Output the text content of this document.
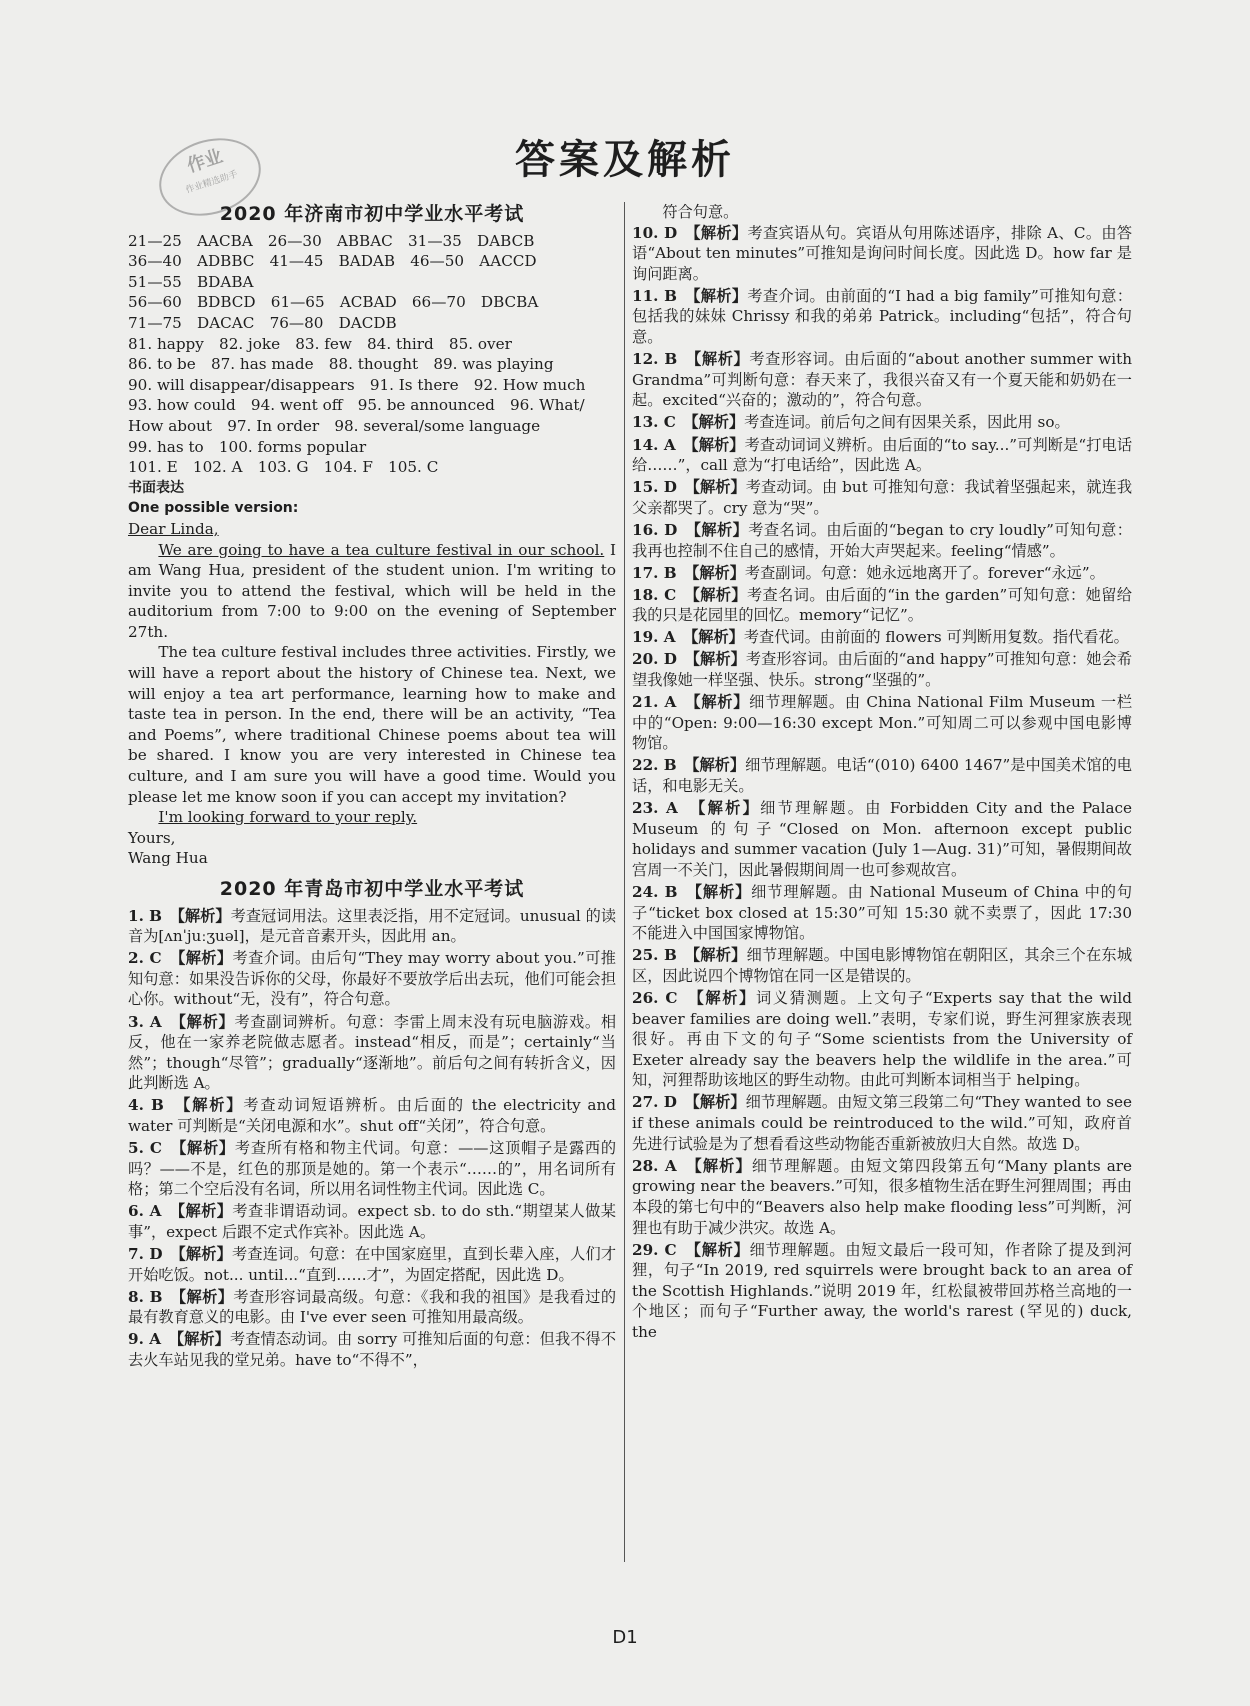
作业
作业精选助手	答案及解析
2020 年济南市初中学业水平考试

21—25　AACBA　26—30　ABBAC　31—35　DABCB

36—40　ADBBC　41—45　BADAB　46—50　AACCD

51—55　BDABA

56—60　BDBCD　61—65　ACBAD　66—70　DBCBA

71—75　DACAC　76—80　DACDB

81. happy　82. joke　83. few　84. third　85. over

86. to be　87. has made　88. thought　89. was playing

90. will disappear/disappears　91. Is there　92. How much

93. how could　94. went off　95. be announced　96. What/

How about　97. In order　98. several/some language

99. has to　100. forms popular

101. E　102. A　103. G　104. F　105. C

书面表达

One possible version:

Dear Linda,

We are going to have a tea culture festival in our school. I am Wang Hua, president of the student union. I'm writing to invite you to attend the festival, which will be held in the auditorium from 7:00 to 9:00 on the evening of September 27th.

The tea culture festival includes three activities. Firstly, we will have a report about the history of Chinese tea. Next, we will enjoy a tea art performance, learning how to make and taste tea in person. In the end, there will be an activity, “Tea and Poems”, where traditional Chinese poems about tea will be shared. I know you are very interested in Chinese tea culture, and I am sure you will have a good time. Would you please let me know soon if you can accept my invitation?

I'm looking forward to your reply.

Yours,

Wang Hua

2020 年青岛市初中学业水平考试

1. B　 【解析】考查冠词用法。这里表泛指，用不定冠词。unusual 的读音为[ʌnˈjuːʒuəl]，是元音音素开头，因此用 an。

2. C　 【解析】考查介词。由后句“They may worry about you.”可推知句意：如果没告诉你的父母，你最好不要放学后出去玩，他们可能会担心你。without“无，没有”，符合句意。

3. A　 【解析】考查副词辨析。句意：李雷上周末没有玩电脑游戏。相反，他在一家养老院做志愿者。instead“相反，而是”；certainly“当然”；though“尽管”；gradually“逐渐地”。前后句之间有转折含义，因此判断选 A。

4. B　 【解析】考查动词短语辨析。由后面的 the electricity and water 可判断是“关闭电源和水”。shut off“关闭”，符合句意。

5. C　 【解析】考查所有格和物主代词。句意：——这顶帽子是露西的吗？——不是，红色的那顶是她的。第一个表示“……的”，用名词所有格；第二个空后没有名词，所以用名词性物主代词。因此选 C。

6. A　 【解析】考查非谓语动词。expect sb. to do sth.“期望某人做某事”，expect 后跟不定式作宾补。因此选 A。

7. D　 【解析】考查连词。句意：在中国家庭里，直到长辈入座，人们才开始吃饭。not... until...“直到……才”，为固定搭配，因此选 D。

8. B　 【解析】考查形容词最高级。句意：《我和我的祖国》是我看过的最有教育意义的电影。由 I've ever seen 可推知用最高级。

9. A　 【解析】考查情态动词。由 sorry 可推知后面的句意：但我不得不去火车站见我的堂兄弟。have to“不得不”，

符合句意。

10. D　 【解析】考查宾语从句。宾语从句用陈述语序，排除 A、C。由答语“About ten minutes”可推知是询问时间长度。因此选 D。how far 是询问距离。

11. B　 【解析】考查介词。由前面的“I had a big family”可推知句意：包括我的妹妹 Chrissy 和我的弟弟 Patrick。including“包括”，符合句意。

12. B　 【解析】考查形容词。由后面的“about another summer with Grandma”可判断句意：春天来了，我很兴奋又有一个夏天能和奶奶在一起。excited“兴奋的；激动的”，符合句意。

13. C　 【解析】考查连词。前后句之间有因果关系，因此用 so。

14. A　 【解析】考查动词词义辨析。由后面的“to say...”可判断是“打电话给……”，call 意为“打电话给”，因此选 A。

15. D　 【解析】考查动词。由 but 可推知句意：我试着坚强起来，就连我父亲都哭了。cry 意为“哭”。

16. D　 【解析】考查名词。由后面的“began to cry loudly”可知句意：我再也控制不住自己的感情，开始大声哭起来。feeling“情感”。

17. B　 【解析】考查副词。句意：她永远地离开了。forever“永远”。

18. C　 【解析】考查名词。由后面的“in the garden”可知句意：她留给我的只是花园里的回忆。memory“记忆”。

19. A　 【解析】考查代词。由前面的 flowers 可判断用复数。指代看花。

20. D　 【解析】考查形容词。由后面的“and happy”可推知句意：她会希望我像她一样坚强、快乐。strong“坚强的”。

21. A　 【解析】细节理解题。由 China National Film Museum 一栏中的“Open: 9:00—16:30 except Mon.”可知周二可以参观中国电影博物馆。

22. B　 【解析】细节理解题。电话“(010) 6400 1467”是中国美术馆的电话，和电影无关。

23. A　 【解析】细节理解题。由 Forbidden City and the Palace Museum 的句子“Closed on Mon. afternoon except public holidays and summer vacation (July 1—Aug. 31)”可知，暑假期间故宫周一不关门，因此暑假期间周一也可参观故宫。

24. B　 【解析】细节理解题。由 National Museum of China 中的句子“ticket box closed at 15:30”可知 15:30 就不卖票了，因此 17:30 不能进入中国国家博物馆。

25. B　 【解析】细节理解题。中国电影博物馆在朝阳区，其余三个在东城区，因此说四个博物馆在同一区是错误的。

26. C　 【解析】词义猜测题。上文句子“Experts say that the wild beaver families are doing well.”表明，专家们说，野生河狸家族表现很好。再由下文的句子“Some scientists from the University of Exeter already say the beavers help the wildlife in the area.”可知，河狸帮助该地区的野生动物。由此可判断本词相当于 helping。

27. D　 【解析】细节理解题。由短文第三段第二句“They wanted to see if these animals could be reintroduced to the wild.”可知，政府首先进行试验是为了想看看这些动物能否重新被放归大自然。故选 D。

28. A　 【解析】细节理解题。由短文第四段第五句“Many plants are growing near the beavers.”可知，很多植物生活在野生河狸周围；再由本段的第七句中的“Beavers also help make flooding less”可判断，河狸也有助于减少洪灾。故选 A。

29. C　 【解析】细节理解题。由短文最后一段可知，作者除了提及到河狸，句子“In 2019, red squirrels were brought back to an area of the Scottish Highlands.”说明 2019 年，红松鼠被带回苏格兰高地的一个地区；而句子“Further away, the world's rarest (罕见的) duck, the

D1
